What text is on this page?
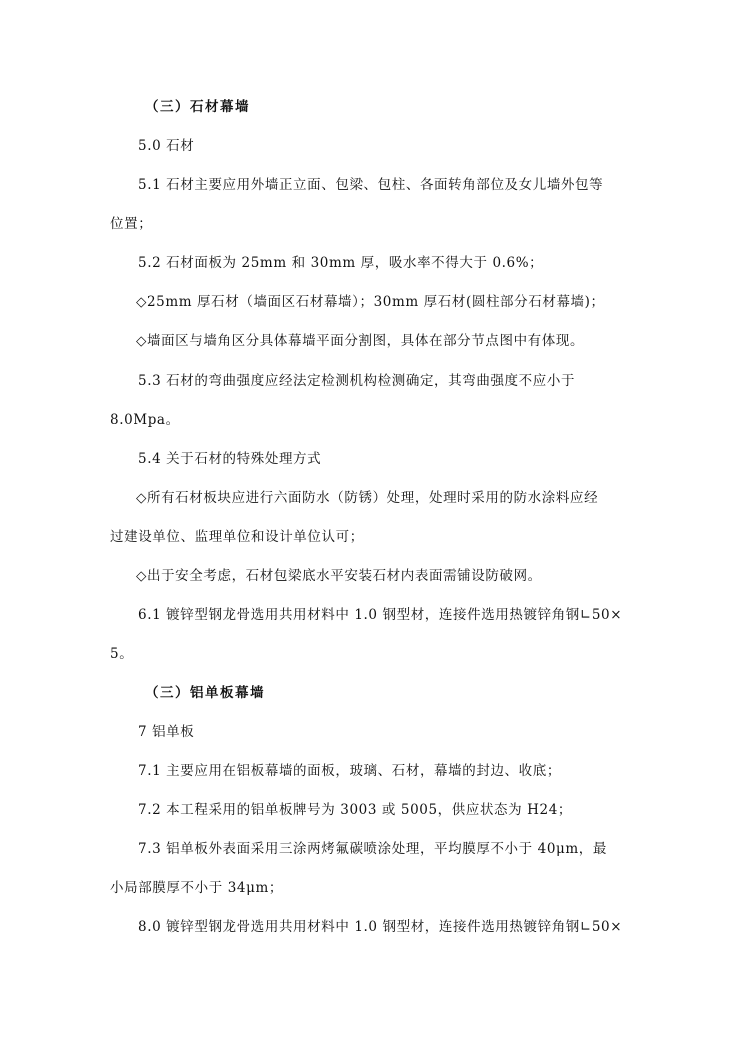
（三）石材幕墙
5.0 石材
5.1 石材主要应用外墙正立面、包梁、包柱、各面转角部位及女儿墙外包等
位置；
5.2 石材面板为 25mm 和 30mm 厚，吸水率不得大于 0.6%；
◇25mm 厚石材（墙面区石材幕墙）；30mm 厚石材(圆柱部分石材幕墙)；
◇墙面区与墙角区分具体幕墙平面分割图，具体在部分节点图中有体现。
5.3 石材的弯曲强度应经法定检测机构检测确定，其弯曲强度不应小于
8.0Mpa。
5.4 关于石材的特殊处理方式
◇所有石材板块应进行六面防水（防锈）处理，处理时采用的防水涂料应经
过建设单位、监理单位和设计单位认可；
◇出于安全考虑，石材包梁底水平安装石材内表面需铺设防破网。
6.1 镀锌型钢龙骨选用共用材料中 1.0 钢型材，连接件选用热镀锌角钢∟50×
5。
（三）铝单板幕墙
7 铝单板
7.1 主要应用在铝板幕墙的面板，玻璃、石材，幕墙的封边、收底；
7.2 本工程采用的铝单板牌号为 3003 或 5005，供应状态为 H24；
7.3 铝单板外表面采用三涂两烤氟碳喷涂处理，平均膜厚不小于 40μm，最
小局部膜厚不小于 34μm；
8.0 镀锌型钢龙骨选用共用材料中 1.0 钢型材，连接件选用热镀锌角钢∟50×
